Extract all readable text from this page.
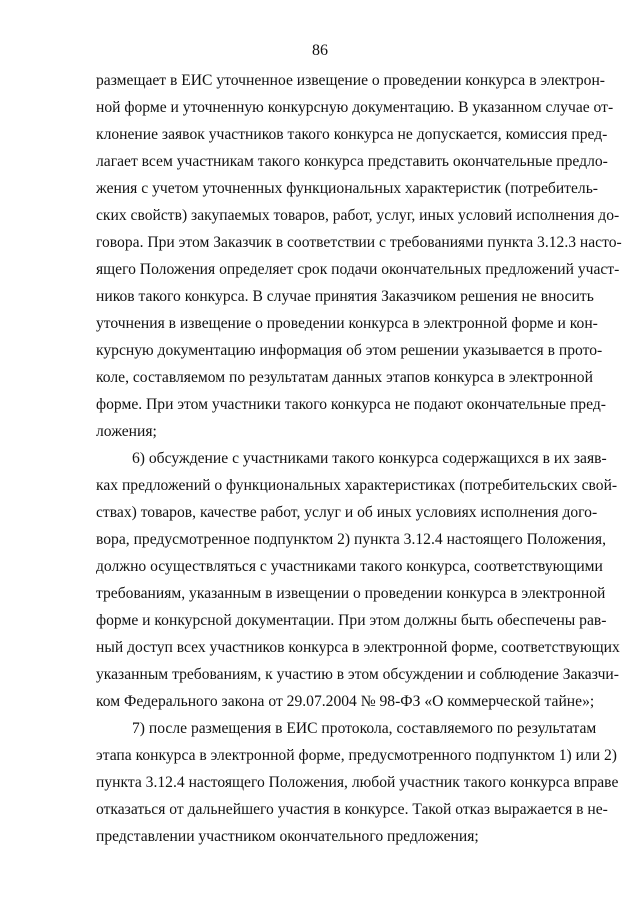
86
размещает в ЕИС уточненное извещение о проведении конкурса в электрон-
ной форме и уточненную конкурсную документацию. В указанном случае от-
клонение заявок участников такого конкурса не допускается, комиссия пред-
лагает всем участникам такого конкурса представить окончательные предло-
жения с учетом уточненных функциональных характеристик (потребитель-
ских свойств) закупаемых товаров, работ, услуг, иных условий исполнения до-
говора. При этом Заказчик в соответствии с требованиями пункта 3.12.3 насто-
ящего Положения определяет срок подачи окончательных предложений участ-
ников такого конкурса. В случае принятия Заказчиком решения не вносить
уточнения в извещение о проведении конкурса в электронной форме и кон-
курсную документацию информация об этом решении указывается в прото-
коле, составляемом по результатам данных этапов конкурса в электронной
форме. При этом участники такого конкурса не подают окончательные пред-
ложения;
6) обсуждение с участниками такого конкурса содержащихся в их заяв-
ках предложений о функциональных характеристиках (потребительских свой-
ствах) товаров, качестве работ, услуг и об иных условиях исполнения дого-
вора, предусмотренное подпунктом 2) пункта 3.12.4 настоящего Положения,
должно осуществляться с участниками такого конкурса, соответствующими
требованиям, указанным в извещении о проведении конкурса в электронной
форме и конкурсной документации. При этом должны быть обеспечены рав-
ный доступ всех участников конкурса в электронной форме, соответствующих
указанным требованиям, к участию в этом обсуждении и соблюдение Заказчи-
ком Федерального закона от 29.07.2004 № 98-ФЗ «О коммерческой тайне»;
7) после размещения в ЕИС протокола, составляемого по результатам
этапа конкурса в электронной форме, предусмотренного подпунктом 1) или 2)
пункта 3.12.4 настоящего Положения, любой участник такого конкурса вправе
отказаться от дальнейшего участия в конкурсе. Такой отказ выражается в не-
представлении участником окончательного предложения;
